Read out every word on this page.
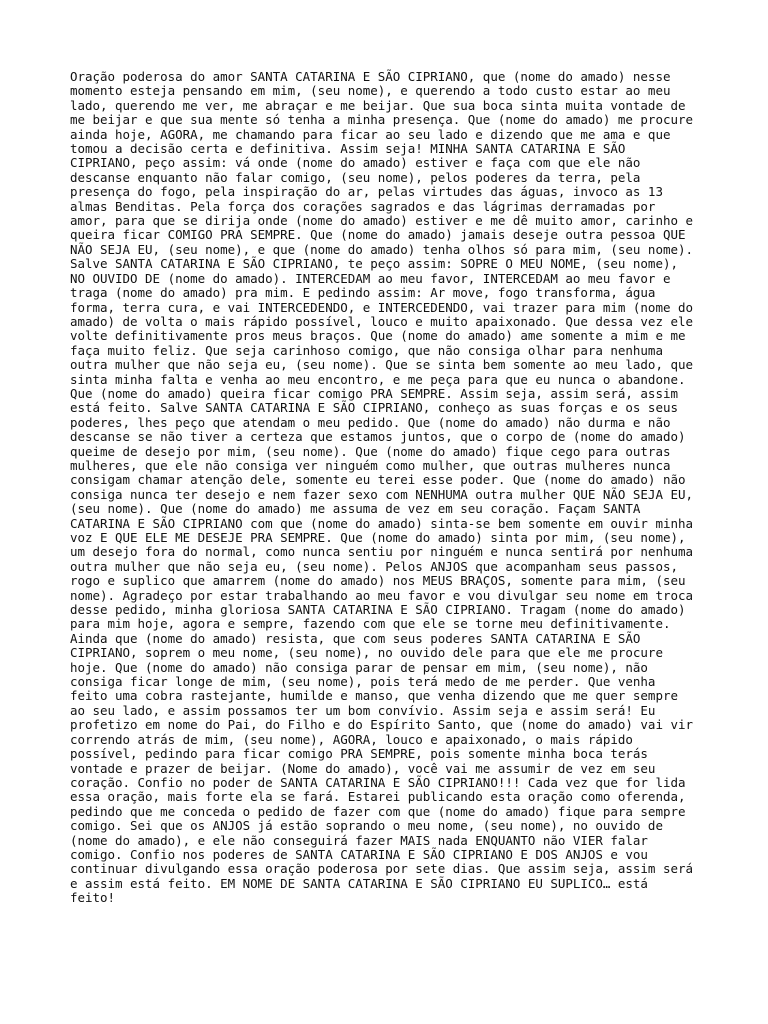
Oração poderosa do amor SANTA CATARINA E SÃO CIPRIANO, que (nome do amado) nesse
momento esteja pensando em mim, (seu nome), e querendo a todo custo estar ao meu
lado, querendo me ver, me abraçar e me beijar. Que sua boca sinta muita vontade de
me beijar e que sua mente só tenha a minha presença. Que (nome do amado) me procure
ainda hoje, AGORA, me chamando para ficar ao seu lado e dizendo que me ama e que
tomou a decisão certa e definitiva. Assim seja! MINHA SANTA CATARINA E SÃO
CIPRIANO, peço assim: vá onde (nome do amado) estiver e faça com que ele não
descanse enquanto não falar comigo, (seu nome), pelos poderes da terra, pela
presença do fogo, pela inspiração do ar, pelas virtudes das águas, invoco as 13
almas Benditas. Pela força dos corações sagrados e das lágrimas derramadas por
amor, para que se dirija onde (nome do amado) estiver e me dê muito amor, carinho e
queira ficar COMIGO PRA SEMPRE. Que (nome do amado) jamais deseje outra pessoa QUE
NÃO SEJA EU, (seu nome), e que (nome do amado) tenha olhos só para mim, (seu nome).
Salve SANTA CATARINA E SÃO CIPRIANO, te peço assim: SOPRE O MEU NOME, (seu nome),
NO OUVIDO DE (nome do amado). INTERCEDAM ao meu favor, INTERCEDAM ao meu favor e
traga (nome do amado) pra mim. E pedindo assim: Ar move, fogo transforma, água
forma, terra cura, e vai INTERCEDENDO, e INTERCEDENDO, vai trazer para mim (nome do
amado) de volta o mais rápido possível, louco e muito apaixonado. Que dessa vez ele
volte definitivamente pros meus braços. Que (nome do amado) ame somente a mim e me
faça muito feliz. Que seja carinhoso comigo, que não consiga olhar para nenhuma
outra mulher que não seja eu, (seu nome). Que se sinta bem somente ao meu lado, que
sinta minha falta e venha ao meu encontro, e me peça para que eu nunca o abandone.
Que (nome do amado) queira ficar comigo PRA SEMPRE. Assim seja, assim será, assim
está feito. Salve SANTA CATARINA E SÃO CIPRIANO, conheço as suas forças e os seus
poderes, lhes peço que atendam o meu pedido. Que (nome do amado) não durma e não
descanse se não tiver a certeza que estamos juntos, que o corpo de (nome do amado)
queime de desejo por mim, (seu nome). Que (nome do amado) fique cego para outras
mulheres, que ele não consiga ver ninguém como mulher, que outras mulheres nunca
consigam chamar atenção dele, somente eu terei esse poder. Que (nome do amado) não
consiga nunca ter desejo e nem fazer sexo com NENHUMA outra mulher QUE NÃO SEJA EU,
(seu nome). Que (nome do amado) me assuma de vez em seu coração. Façam SANTA
CATARINA E SÃO CIPRIANO com que (nome do amado) sinta-se bem somente em ouvir minha
voz E QUE ELE ME DESEJE PRA SEMPRE. Que (nome do amado) sinta por mim, (seu nome),
um desejo fora do normal, como nunca sentiu por ninguém e nunca sentirá por nenhuma
outra mulher que não seja eu, (seu nome). Pelos ANJOS que acompanham seus passos,
rogo e suplico que amarrem (nome do amado) nos MEUS BRAÇOS, somente para mim, (seu
nome). Agradeço por estar trabalhando ao meu favor e vou divulgar seu nome em troca
desse pedido, minha gloriosa SANTA CATARINA E SÃO CIPRIANO. Tragam (nome do amado)
para mim hoje, agora e sempre, fazendo com que ele se torne meu definitivamente.
Ainda que (nome do amado) resista, que com seus poderes SANTA CATARINA E SÃO
CIPRIANO, soprem o meu nome, (seu nome), no ouvido dele para que ele me procure
hoje. Que (nome do amado) não consiga parar de pensar em mim, (seu nome), não
consiga ficar longe de mim, (seu nome), pois terá medo de me perder. Que venha
feito uma cobra rastejante, humilde e manso, que venha dizendo que me quer sempre
ao seu lado, e assim possamos ter um bom convívio. Assim seja e assim será! Eu
profetizo em nome do Pai, do Filho e do Espírito Santo, que (nome do amado) vai vir
correndo atrás de mim, (seu nome), AGORA, louco e apaixonado, o mais rápido
possível, pedindo para ficar comigo PRA SEMPRE, pois somente minha boca terás
vontade e prazer de beijar. (Nome do amado), você vai me assumir de vez em seu
coração. Confio no poder de SANTA CATARINA E SÃO CIPRIANO!!! Cada vez que for lida
essa oração, mais forte ela se fará. Estarei publicando esta oração como oferenda,
pedindo que me conceda o pedido de fazer com que (nome do amado) fique para sempre
comigo. Sei que os ANJOS já estão soprando o meu nome, (seu nome), no ouvido de
(nome do amado), e ele não conseguirá fazer MAIS nada ENQUANTO não VIER falar
comigo. Confio nos poderes de SANTA CATARINA E SÃO CIPRIANO E DOS ANJOS e vou
continuar divulgando essa oração poderosa por sete dias. Que assim seja, assim será
e assim está feito. EM NOME DE SANTA CATARINA E SÃO CIPRIANO EU SUPLICO… está
feito!
